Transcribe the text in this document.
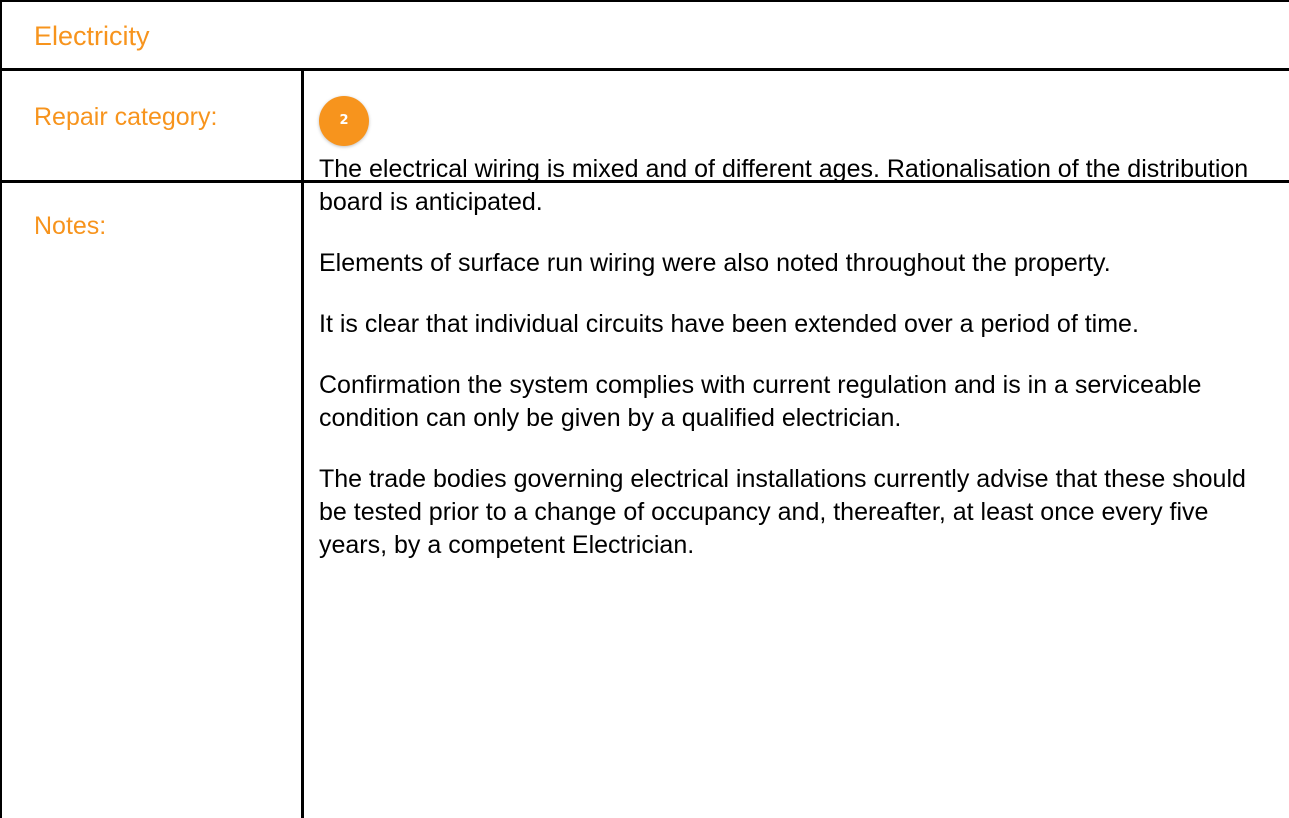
Electricity
Repair category:	2
Notes:

The electrical wiring is mixed and of different ages. Rationalisation of the distribution board is anticipated.

Elements of surface run wiring were also noted throughout the property.

It is clear that individual circuits have been extended over a period of time.

Confirmation the system complies with current regulation and is in a serviceable condition can only be given by a qualified electrician.

The trade bodies governing electrical installations currently advise that these should be tested prior to a change of occupancy and, thereafter, at least once every five years, by a competent Electrician.
